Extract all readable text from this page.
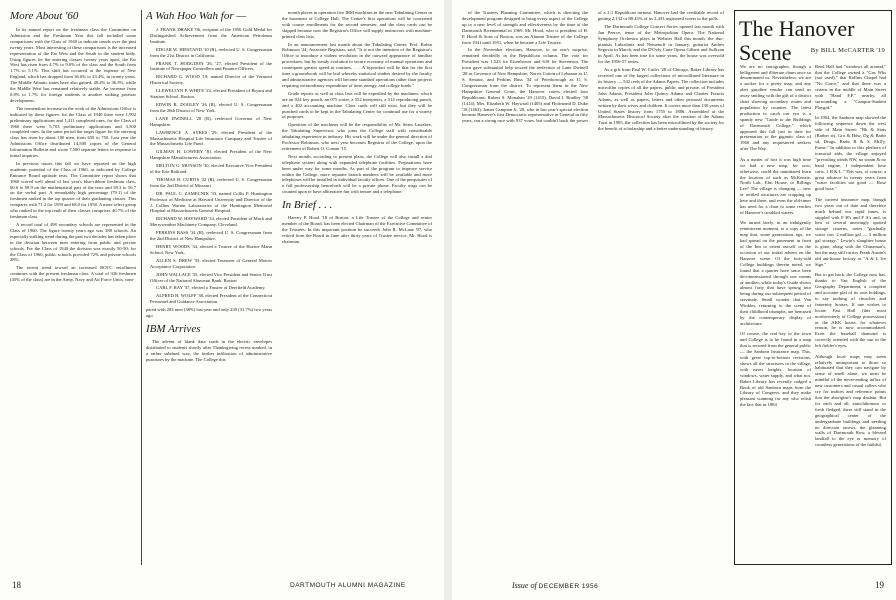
More About '60

In its annual report on the freshman class the Committee on Admission and the Freshman Year this fall included some comparisons with the Class of 1940 to indicate trends over the past twenty years. Most interesting of these comparisons is the increased representation of the Far West and the South in the student body. Using figures for the entering classes twenty years apart, the Far West has risen from 4.7% to 9.0% of the class and the South from 1.7% to 5.1%. This shift has occurred at the expense of New England, which has dropped from 36.6% to 23.4%, in twenty years. The Middle Atlantic states have also gained, 40.4% to 36.5%, while the Middle West has remained relatively stable. An increase from 0.8% to 1.7% for foreign students is another striking postwar development.

The tremendous increase in the work of the Admissions Office is indicated by these figures: for the Class of 1940 there were 1,992 preliminary applications and 1,411 completed ones, for the Class of 1960 there were 5,703 preliminary applications and 3,500 completed ones. In the same period the target figure for the entering class has risen by about 100 men, from 650 to 750. Last year the Admissions Office distributed 14,500 copies of the General Information Bulletin and wrote 7,500 separate letters in response to initial inquiries.

In previous issues this fall we have reported on the high academic potential of the Class of 1960, as indicated by College Entrance Board aptitude tests. The Committee report shows that 1960 scored well ahead of last year's blue-ribbon freshman class, 60.6 to 58.9 on the mathematical part of the tests and 58.3 to 56.7 on the verbal part. A remarkably high percentage (79.1) of the freshmen ranked in the top quarter of their graduating classes. This compares with 71.2 for 1959 and 68.0 for 1958. A more select group who ranked in the top tenth of their classes comprises 40.7% of the freshman class.

A record total of 498 secondary schools are represented in the Class of 1960. The figure twenty years ago was 388 schools. An especially striking trend during the past two decades has taken place in the division between men entering from public and private schools. For the Class of 1940 the division was exactly 50-50; for the Class of 1960, public schools provided 72% and private schools 28%.

The recent trend toward an increased ROTC enrollment continues with the present freshman class. A total of 336 freshmen (45% of the class) are in the Army, Navy and Air Force Units, com-

A Wah Hoo Wah for —

J. FRANK DRAKE '06, recipient of the 1956 Gold Medal for Distinguished Achievement from the American Petroleum Institute.

EDGAR W. HIESTAND '10 (R), reelected U. S. Congressman from the 21st District in California.

FRANK T. HODGDON '26, '27, elected President of the Institute of Newspaper Controllers and Finance Officers.

RICHARD G. WOOD '19, named Director of the Vermont Historical Society.

LLEWELLYN P. WHITE '23, elected President of Bryant and Stratton School, Boston.

EDWIN R. DOOLEY '26 (R), elected U. S. Congressman from the 26th District of New York.

LANE DWINELL '28 (R), reelected Governor of New Hampshire.

LAWRENCE A. SYKES '29, elected President of the Massachusetts Hospital Life Insurance Company and Trustee of the Massachusetts Life Fund.

GILMAN H. LOWERY '30, elected President of the New Hampshire Manufacturers Association.

MELTON G. MUNSON '30, elected Executive Vice President of the Erie Railroad.

THOMAS B. CURTIS '32 (R), reelected U. S. Congressman from the 2nd District of Missouri.

DR. PAUL C. ZAMECNIK '33, named Collis P. Huntington Professor of Medicine at Harvard University and Director of the J. Collins Warren Laboratories of the Huntington Memorial Hospital at Massachusetts General Hospital.

RICHARD W. HAYWARD '34, elected President of Mack and Merryweather Machinery Company, Cleveland.

PERKINS BASS '34 (R), reelected U. S. Congressman from the 2nd District of New Hampshire.

HENRY WOODS '34, elected a Trustee of the Horace Mann School, New York.

ALLEN S. DREW '35, elected Treasurer of General Motors Acceptance Corporation.

JOHN WALLACE '35, elected Vice President and Senior Trust Officer of the National Shawmut Bank, Boston.

CARL F. RAY '37, elected a Trustee of Deerfield Academy.

ALFRED H. WOLFF '38, elected President of the Connecticut Personnel and Guidance Association.

pared with 283 men (38%) last year and only 239 (31.7%) two years ago.

IBM Arrives

The advent of blank data cards in the electric envelopes distributed to students shortly after Thanksgiving recess marked, in a rather subdued way, the further infiltration of administrative punctures by the machine. The College this

month places in operation five IBM machines in the new Tabulating Center in the basement of College Hall. The Center's first operations will be concerned with course enrollments for the second semester, and the class cards can be skipped because now the Registrar's Office will supply instructors with machine-printed class lists.

In an announcement last month about the Tabulating Center, Prof. Robin Robinson '24, Associate Registrar, said, "It is not the intention of the Registrar's Office to introduce a violent revolution in the outward appearance of familiar procedures, but by steady evolution to secure economy of manual operations and consequent greater speed in routines. . . . A byproduct will be that for the first time a groundwork will be laid whereby statistical studies desired by the faculty and administrative agencies will become standard operations rather than projects requiring extraordinary expenditure of time, energy, and college funds."

Grade reports as well as class lists will be expedited by the machines, which are an 024 key punch, an 075 sorter, a 552 interpreter, a 514 reproducing punch, and a 402 accounting machine. Class cards will still exist, but they will be punched cards to be kept in the Tabulating Center for continual use for a variety of purposes.

Operation of the machines will be the responsibility of Mr. Sears Larrabee, the Tabulating Supervisor, who joins the College staff with considerable tabulating experience in industry. His work will be under the general direction of Professor Robinson, who next year becomes Registrar of the College, upon the retirement of Robert O. Conant '15.

Next month, according to present plans, the College will also install a dial telephone system along with expanded telephone facilities. Preparations have been under way for some months. As part of the program to improve service within the College, more separate branch numbers will be available and more telephones will be installed in individual faculty offices. One of the perquisites of a full professorship henceforth will be a private phone. Faculty wags can be counted upon to have alliterative fun with tenure and a telephone.

In Brief . . .

Harvey P. Hood '18 of Boston, a Life Trustee of the College and senior member of the Board, has been elected Chairman of the Executive Committee of the Trustees. In this important position he succeeds John R. McLane '07, who retired from the Board in June after thirty years of Trustee service. Mr. Hood is chairman

18	DARTMOUTH ALUMNI MAGAZINE

of the Trustees Planning Committee, which is directing the development program designed to bring every aspect of the College up to a new level of strength and effectiveness by the time of the Dartmouth Bicentennial in 1969. Mr. Hood, who is president of H. P. Hood & Sons of Boston, was an Alumni Trustee of the College from 1941 until 1951, when he became a Life Trustee.

In the November elections, Hanover, to no one's surprise, remained decidedly in the Republican column. The vote for President was 1,523 for Eisenhower and 618 for Stevenson. The town gave substantial help toward the reelection of Lane Dwinell '28 as Governor of New Hampshire, Norris Cotton of Lebanon as U. S. Senator, and Perkins Bass '34 of Peterborough as U. S. Congressman from the district. To represent them in the New Hampshire General Court, the Hanover voters elected four Republicans: Robert S. Monahan '29 (1415), David J. Bradley '38 (1414), Mrs. Elizabeth W. Hayward (1405) and Florimond D. Duke '18 (1463). James Campion Jr. '28, who in last year's special election became Hanover's first Democratic representative in General in fifty years, ran a strong race with 937 votes, but couldn't buck the power of a 2:1 Republican turnout. Hanover had the creditable record of getting 2,132 or 88.45% of its 2,433 registered voters to the polls.

The Dartmouth College Concert Series opened last month with Jan Peerce, tenor of the Metropolitan Opera. The National Symphony Orchestra plays in Webster Hall this month, the duo-pianists Luboshutz and Nemenoff in January, guitarist Andres Segovia in March, and the D'Oyly Carte Opera Gilbert and Sullivan in April. As has been true for some years, the house was oversold for the 1956-57 series.

As a gift from Paul W. Cutler '28 of Chicago, Baker Library has received one of the largest collections of microfilmed literature in its history — 542 reels of the Adams Papers. The collection includes microfilm copies of all the papers, public and private, of President John Adams, President John Quincy Adams and Charles Francis Adams, as well as papers, letters and other personal documents written by their wives and children. It covers more than 130 years of United States history from 1755 to 1886. Assembled at the Massachusetts Historical Society after the creation of the Adams Trust in 1905, the collection has been microfilmed by the society for the benefit of scholarship and a better understanding of history.

The Hanover Scene	By BILL McCARTER '19

We are no cartographer, though a belligerent and illiterate chum once so denominated us. Nevertheless, we are a sucker for a pretty map, and any alert gasoline vendor can send us away smiling with the gift of a district chart showing secondary routes and population by counties. The latest production to catch our eye is a spandy new "Guide to the Buildings of Dartmouth College," which appeared this fall just in time for presentation to the gigantic class of 1960 and any sequestered seekers after The Way.

As a matter of fact it was high time we had a new map, for now, otherwise, could the uninitiated learn the location of such as McKenzie, North Lab., Elm House, or Billings Lee? The village is changing — new or retitled structures are cropping up here and there, and even the old-timer has need for a chart to some reaches of Hanover's troubled waters.

We turned lately, in an indulgently reminiscent moment, to a copy of the map that, some generations ago, we had spread on the pavement in front of the Inn to orient ourself on the occasion of our initial advent on the Hanover scene. Of the forty-odd College buildings therein noted, we found that a quarter have since been decommissioned through one means or another; while today's Guide shows almost forty that have sprung into being during our subsequent period of servitude. Small wonder that Van Winkles, returning to the scene of their childhood triumphs, are bemused by the contemporary display of architecture.

Of course, the real key to the town and College is to be found in a map that is secured from the general public — the Sanborn Insurance map. This, with great top-to-bottom revisions, shows all the structures in the village, with eaves heights, location of windows, water supply, and what not. Baker Library has recently cadged a Book of old Sanborn maps from the Library of Congress, and they make pleasant scanning for any who relish the fact that in 1884

Reed Hall had "windows all around," that the College owned a "Gas Wks (not used)," that Rollins Chapel had "No Crnce," and that there was a cistern in the middle of Main Street with "Hand F.P." nearby, all surrounding a "Campus-Student Playgrd."

In 1904, the Sanborn map showed the following sequence down the west side of Main Street: "Bk & Stats (Barber st), Gro & Hdw, Dg & Barbr sd, Drugs, Barbr B & S, Mill'y, Furne." In addition to this plethora of tonsorial aids, the village enjoyed "prevailing winds NW, no steam & no hand engine, 1 independent hose carts, 1 H & L." This was, of course, a great advance in twenty years from "water facilities not good — Hose good hose."

The current insurance map, though two years out of date and therefore much behind our rapid times, is stippled with F H's and F A's and, in lieu of several unerringly spotted storage cisterns, notes "gradually water con. 2 million gal — 3 million gal storage." Lewin's slaughter house is gone, along with the Chinaman's, but the map still carries Frank Austin's old ant-house factory as "A & L Ice Stge."

But to get back, the College now has, thanks to Van English of the Geography Department, a complete and accurate plat of its own holdings, to say nothing of churches and fraternity houses. If one wishes to locate Fast Hall (this most northwesterly of College possessions) or the AKK house, for whatever reason, he is now accommodated. Even the baseball diamond is correctly oriented with the sun in the left fielder's eyes.

Although local maps may seem relatively unimportant to those so habituated that they can navigate by sense of smell alone, we must be mindful of the never-ending influx of new customers and casual callers who cry for indices and reference points that the aborigine's map disdain. But for each and all, autochthonous or fresh fledged, there still stand in the geographical center of the undergraduate buildings and needing no direction arrows, the gleaming walls of Dartmouth Row, a blessed landfall to the eye or memory of countless generations of the faithful.

Issue of DECEMBER 1956	19
